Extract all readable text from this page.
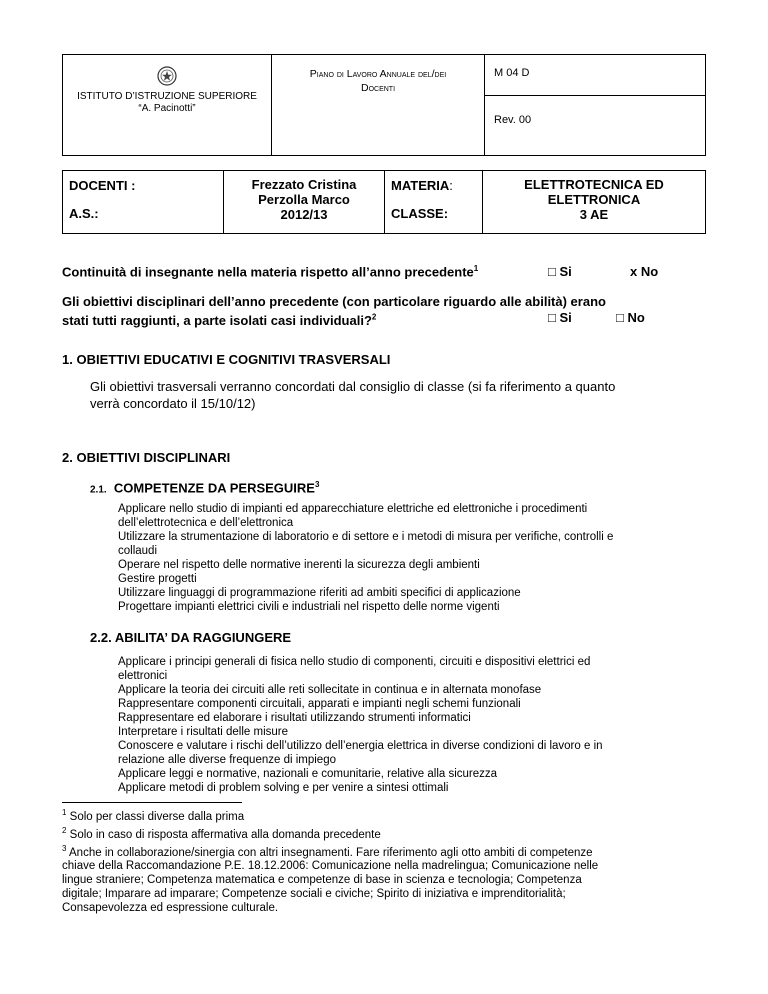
ISTITUTO D’ISTRUZIONE SUPERIORE
“A. Pacinotti”

Piano di Lavoro Annuale del/dei
Docenti

M 04 D

Rev. 00
DOCENTI :
A.S.:

Frezzato Cristina
Perzolla Marco
2012/13

MATERIA:
CLASSE:

ELETTROTECNICA ED
ELETTRONICA
3 AE
Continuità di insegnante nella materia rispetto all’anno precedente$^1$	□ Si	x No
Gli obiettivi disciplinari dell’anno precedente (con particolare riguardo alle abilità) erano
stati tutti raggiunti, a parte isolati casi individuali?$^2$	□ Si	□ No
1. OBIETTIVI EDUCATIVI E COGNITIVI TRASVERSALI
Gli obiettivi trasversali verranno concordati dal consiglio di classe (si fa riferimento a quanto
verrà concordato il 15/10/12)
2. OBIETTIVI DISCIPLINARI
2.1. COMPETENZE DA PERSEGUIRE$^3$
Applicare nello studio di impianti ed apparecchiature elettriche ed elettroniche i procedimenti
dell’elettrotecnica e dell’elettronica
Utilizzare la strumentazione di laboratorio e di settore e i metodi di misura per verifiche, controlli e
collaudi
Operare nel rispetto delle normative inerenti la sicurezza degli ambienti
Gestire progetti
Utilizzare linguaggi di programmazione riferiti ad ambiti specifici di applicazione
Progettare impianti elettrici civili e industriali nel rispetto delle norme vigenti
2.2. ABILITA’ DA RAGGIUNGERE
Applicare i principi generali di fisica nello studio di componenti, circuiti e dispositivi elettrici ed
elettronici
Applicare la teoria dei circuiti alle reti sollecitate in continua e in alternata monofase
Rappresentare componenti circuitali, apparati e impianti negli schemi funzionali
Rappresentare ed elaborare i risultati utilizzando strumenti informatici
Interpretare i risultati delle misure
Conoscere e valutare i rischi dell’utilizzo dell’energia elettrica in diverse condizioni di lavoro e in
relazione alle diverse frequenze di impiego
Applicare leggi e normative, nazionali e comunitarie, relative alla sicurezza
Applicare metodi di problem solving e per venire a sintesi ottimali
$^1$ Solo per classi diverse dalla prima
$^2$ Solo in caso di risposta affermativa alla domanda precedente
$^3$ Anche in collaborazione/sinergia con altri insegnamenti. Fare riferimento agli otto ambiti di competenze
chiave della Raccomandazione P.E. 18.12.2006: Comunicazione nella madrelingua; Comunicazione nelle
lingue straniere; Competenza matematica e competenze di base in scienza e tecnologia; Competenza
digitale; Imparare ad imparare; Competenze sociali e civiche; Spirito di iniziativa e imprenditorialità;
Consapevolezza ed espressione culturale.
